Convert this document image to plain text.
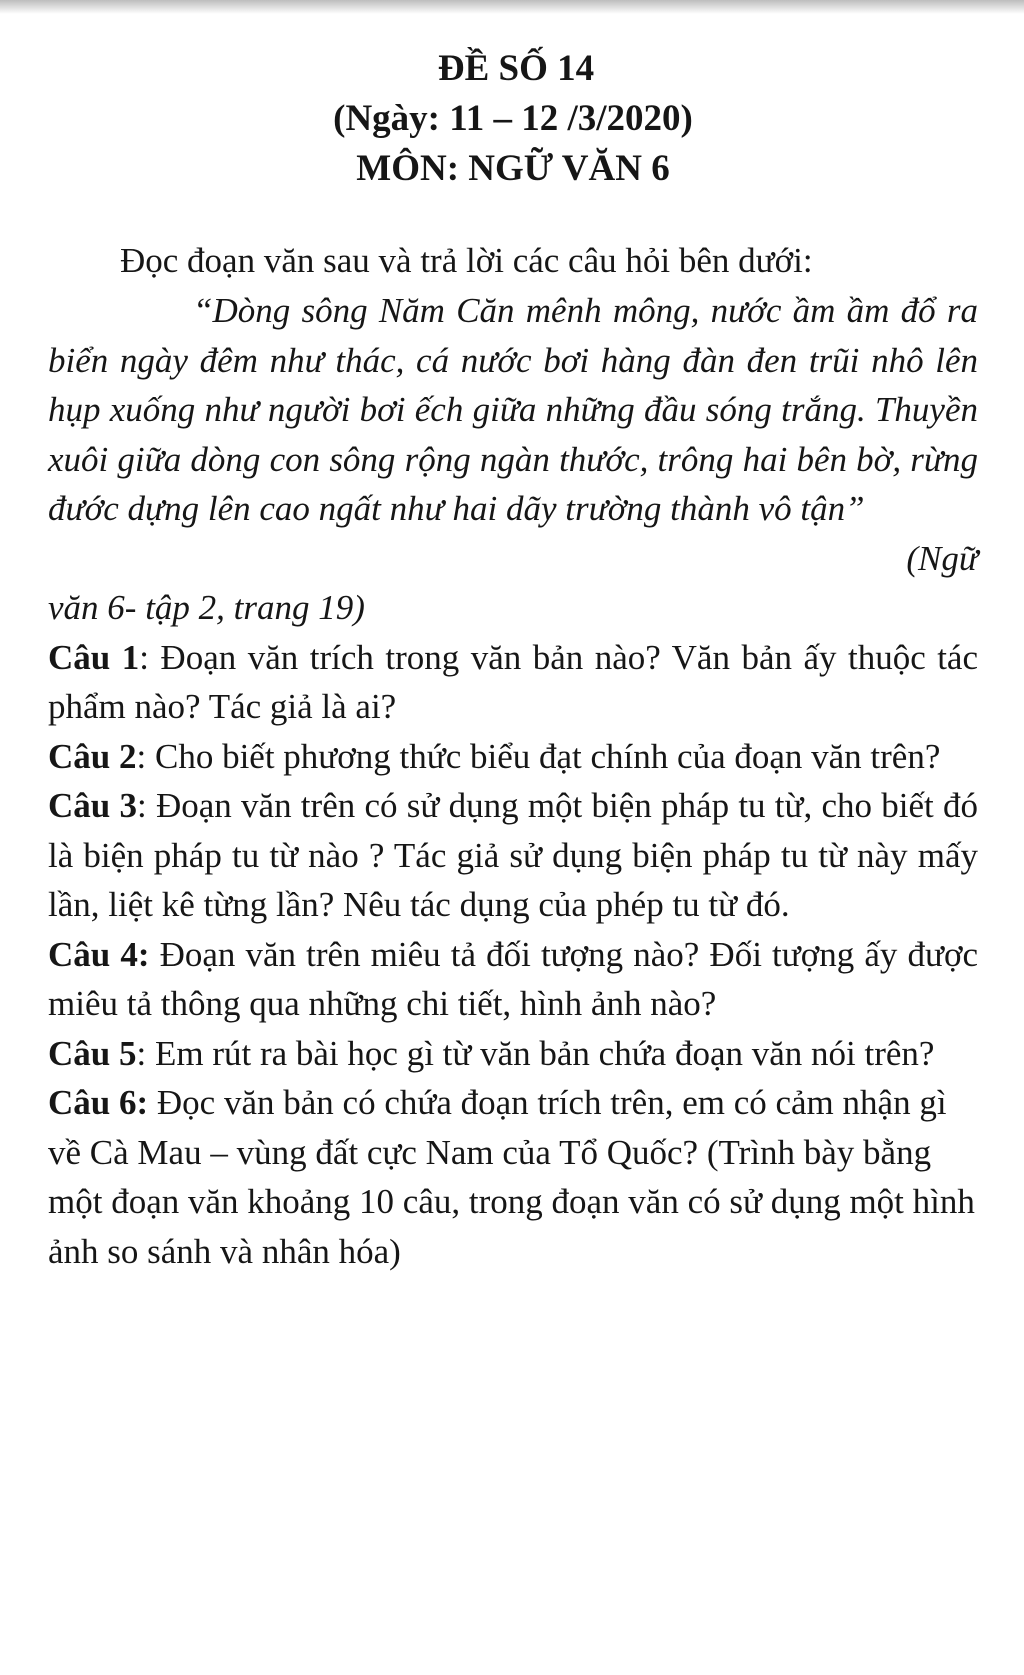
ĐỀ SỐ 14
(Ngày: 11 – 12 /3/2020)
MÔN: NGỮ VĂN 6
Đọc đoạn văn sau và trả lời các câu hỏi bên dưới:
“Dòng sông Năm Căn mênh mông, nước ầm ầm đổ ra biển ngày đêm như thác, cá nước bơi hàng đàn đen trũi nhô lên hụp xuống như người bơi ếch giữa những đầu sóng trắng. Thuyền xuôi giữa dòng con sông rộng ngàn thước, trông hai bên bờ, rừng đước dựng lên cao ngất như hai dãy trường thành vô tận”
(Ngữ
văn 6- tập 2, trang 19)
Câu 1: Đoạn văn trích trong văn bản nào? Văn bản ấy thuộc tác phẩm nào? Tác giả là ai?
Câu 2: Cho biết phương thức biểu đạt chính của đoạn văn trên?
Câu 3: Đoạn văn trên có sử dụng một biện pháp tu từ, cho biết đó là biện pháp tu từ nào ? Tác giả sử dụng biện pháp tu từ này mấy lần, liệt kê từng lần? Nêu tác dụng của phép tu từ đó.
Câu 4: Đoạn văn trên miêu tả đối tượng nào? Đối tượng ấy được miêu tả thông qua những chi tiết, hình ảnh nào?
Câu 5: Em rút ra bài học gì từ văn bản chứa đoạn văn nói trên?
Câu 6: Đọc văn bản có chứa đoạn trích trên, em có cảm nhận gì về Cà Mau – vùng đất cực Nam của Tổ Quốc? (Trình bày bằng một đoạn văn khoảng 10 câu, trong đoạn văn có sử dụng một hình ảnh so sánh và nhân hóa)
